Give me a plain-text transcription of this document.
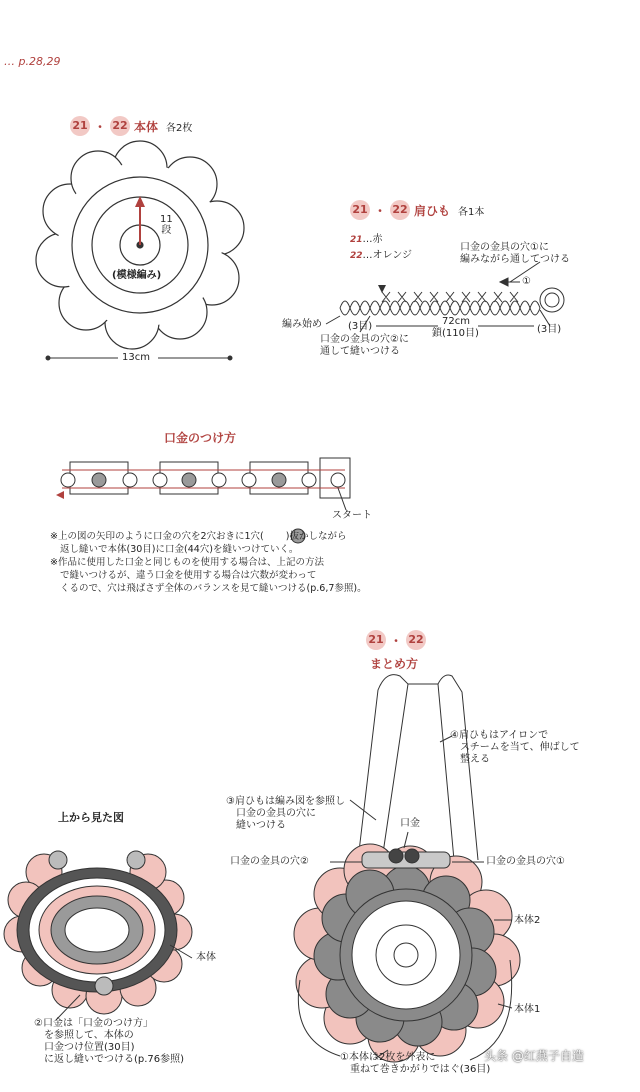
… p.28,29
21 ・ 22 本体 各2枚
11
段
(模様編み)
13cm
21 ・ 22 肩ひも 各1本
21…赤
22…オレンジ
口金の金具の穴①に
編みながら通してつける
①
編み始め	(3目)	(3目)
72cm
鎖(110目)
口金の金具の穴②に
通して縫いつける
口金のつけ方
スタート
※上の図の矢印のように口金の穴を2穴おきに1穴( )抜かしながら
返し縫いで本体(30目)に口金(44穴)を縫いつけていく。
※作品に使用した口金と同じものを使用する場合は、上記の方法
で縫いつけるが、違う口金を使用する場合は穴数が変わって
くるので、穴は飛ばさず全体のバランスを見て縫いつける(p.6,7参照)。
21 ・ 22
まとめ方
④肩ひもはアイロンで
スチームを当て、伸ばして
整える
③肩ひもは編み図を参照し
口金の金具の穴に
縫いつける	口金
口金の金具の穴②	口金の金具の穴①
本体2
本体1
①本体は2枚を外表に
重ねて巻きかがりではぐ(36目)
上から見た図
本体
②口金は「口金のつけ方」
を参照して、本体の
口金つけ位置(30目)
に返し縫いでつける(p.76参照)	头条 @红燕子自造
